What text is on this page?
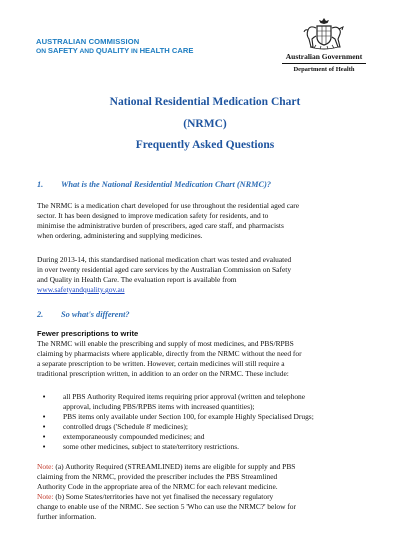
AUSTRALIAN COMMISSION
ON SAFETY AND QUALITY IN HEALTH CARE
Australian Government
Department of Health
National Residential Medication Chart
(NRMC)
Frequently Asked Questions
1. What is the National Residential Medication Chart (NRMC)?
The NRMC is a medication chart developed for use throughout the residential aged care
sector. It has been designed to improve medication safety for residents, and to
minimise the administrative burden of prescribers, aged care staff, and pharmacists
when ordering, administering and supplying medicines.
During 2013-14, this standardised national medication chart was tested and evaluated
in over twenty residential aged care services by the Australian Commission on Safety
and Quality in Health Care. The evaluation report is available from
www.safetyandquality.gov.au
2. So what's different?
Fewer prescriptions to write
The NRMC will enable the prescribing and supply of most medicines, and PBS/RPBS
claiming by pharmacists where applicable, directly from the NRMC without the need for
a separate prescription to be written. However, certain medicines will still require a
traditional prescription written, in addition to an order on the NRMC. These include:
• all PBS Authority Required items requiring prior approval (written and telephone
approval, including PBS/RPBS items with increased quantities);
• PBS items only available under Section 100, for example Highly Specialised Drugs;
• controlled drugs ('Schedule 8' medicines);
• extemporaneously compounded medicines; and
• some other medicines, subject to state/territory restrictions.
Note: (a) Authority Required (STREAMLINED) items are eligible for supply and PBS
claiming from the NRMC, provided the prescriber includes the PBS Streamlined
Authority Code in the appropriate area of the NRMC for each relevant medicine.
Note: (b) Some States/territories have not yet finalised the necessary regulatory
change to enable use of the NRMC. See section 5 'Who can use the NRMC?' below for
further information.
